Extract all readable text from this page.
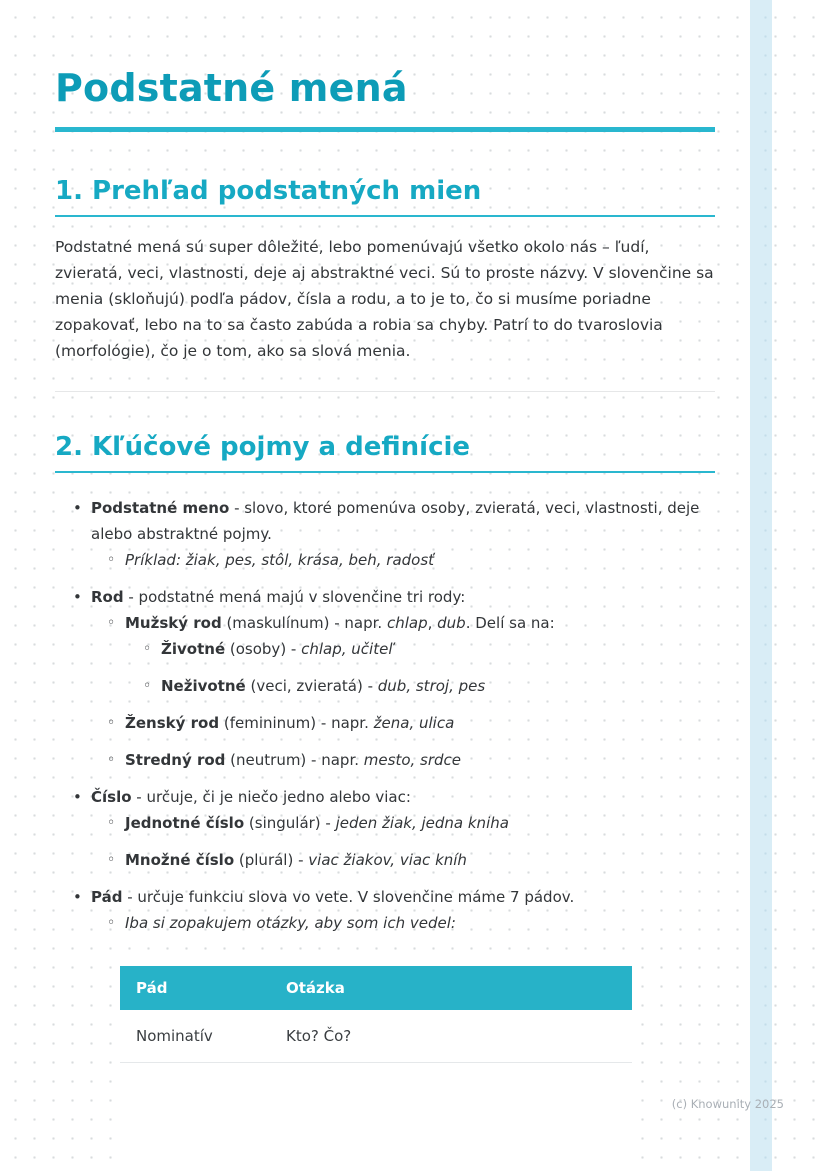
Podstatné mená
1. Prehľad podstatných mien

Podstatné mená sú super dôležité, lebo pomenúvajú všetko okolo nás – ľudí, zvieratá, veci, vlastnosti, deje aj abstraktné veci. Sú to proste názvy. V slovenčine sa menia (skloňujú) podľa pádov, čísla a rodu, a to je to, čo si musíme poriadne zopakovať, lebo na to sa často zabúda a robia sa chyby. Patrí to do tvaroslovia (morfológie), čo je o tom, ako sa slová menia.

2. Kľúčové pojmy a definície
• Podstatné meno - slovo, ktoré pomenúva osoby, zvieratá, veci, vlastnosti, deje alebo abstraktné pojmy.
◦ Príklad: žiak, pes, stôl, krása, beh, radosť
• Rod - podstatné mená majú v slovenčine tri rody:
◦ Mužský rod (maskulínum) - napr. chlap, dub. Delí sa na:
◦ Životné (osoby) - chlap, učiteľ
◦ Neživotné (veci, zvieratá) - dub, stroj, pes
◦ Ženský rod (femininum) - napr. žena, ulica
◦ Stredný rod (neutrum) - napr. mesto, srdce
• Číslo - určuje, či je niečo jedno alebo viac:
◦ Jednotné číslo (singulár) - jeden žiak, jedna kniha
◦ Množné číslo (plurál) - viac žiakov, viac kníh
• Pád - určuje funkciu slova vo vete. V slovenčine máme 7 pádov.
◦ Iba si zopakujem otázky, aby som ich vedel:
Pád	Otázka
Nominatív	Kto? Čo?

(c) Knowunity 2025
